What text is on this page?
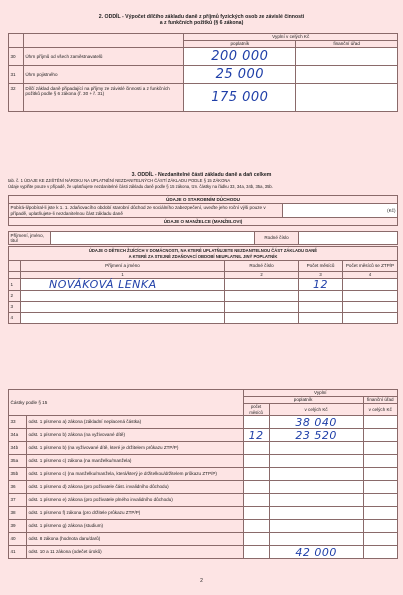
2. ODDÍL - Výpočet dílčího základu daně z příjmů fyzických osob ze závislé činnosti
a z funkčních požitků (§ 6 zákona)
		Vyplní v celých Kč	
		poplatník	finanční úřad
30	Úhrn příjmů od všech zaměstnavatelů	200 000	
31	Úhrn pojistného	25 000	
32	Dílčí základ daně připadající na příjmy ze závislé činnosti a z funkčních požitků podle § 6 zákona (ř. 30 + ř. 31)	175 000	
3. ODDÍL - Nezdanitelné části základu daně a daň celkem
tab. č. 1 ÚDAJE KE ZJIŠTĚNÍ NÁROKU NA UPLATNĚNÍ NEZDANITELNÝCH ČÁSTÍ ZÁKLADU PODLE § 15 ZÁKONA
Údaje vyplňte pouze v případě, že uplatňujete nezdanitelné části základu daně podle § 15 zákona, tzn. částky na řádku 33, 34a, 34b, 35a, 35b.
ÚDAJE O STAROBNÍM DŮCHODU
Pobírá-li/pobíral-li jste k 1. 1. zdaňovacího období starobní důchod ze sociálního zabezpečení, uveďte jeho roční výši pouze v případě, uplatňujete-li nezdanitelnou část základu daně	(Kč)
ÚDAJE O MANŽELCE (MANŽELOVI)
Příjmení, jméno, titul		Rodné číslo	
ÚDAJE O DĚTECH ŽIJÍCÍCH V DOMÁCNOSTI, NA KTERÉ UPLATŇUJETE NEZDANITELNOU ČÁST ZÁKLADU DANĚ				
A KTERÉ ZA STEJNÉ ZDAŇOVACÍ OBDOBÍ NEUPLATNIL JINÝ POPLATNÍK				
	Příjmení a jméno	Rodné číslo	Počet měsíců	Počet měsíců se ZTP/P
	1	2	3	4
1	NOVÁKOVÁ LENKA		12	
2				
3				
4				
Částky podle § 15		Vyplní		
		poplatník		finanční úřad
		počet měsíců	v celých Kč	v celých Kč
33	odst. 1 písmeno a) zákona (základní neplacená částka)		38 040	
34a	odst. 1 písmeno b) zákona (na vyživované dítě)	12	23 520	
34b	odst. 1 písmeno b) (na vyživované dítě, které je držitelem průkazu ZTP/P)			
35a	odst. 1 písmeno c) zákona (na manželku/manžela)			
35b	odst. 1 písmeno c) (na manželku/manžela, která/který je držitelkou/držitelem průkazu ZTP/P)			
36	odst. 1 písmeno d) zákona (pro poživatele část. invalidního důchodu)			
37	odst. 1 písmeno e) zákona (pro poživatele plného invalidního důchodu)			
38	odst. 1 písmeno f) zákona (pro držitele průkazu ZTP/P)			
39	odst. 1 písmeno g) zákona (studium)			
40	odst. 8 zákona (hodnota daru/darů)			
41	odst. 10 a 11 zákona (odečet úroků)		42 000	
2
